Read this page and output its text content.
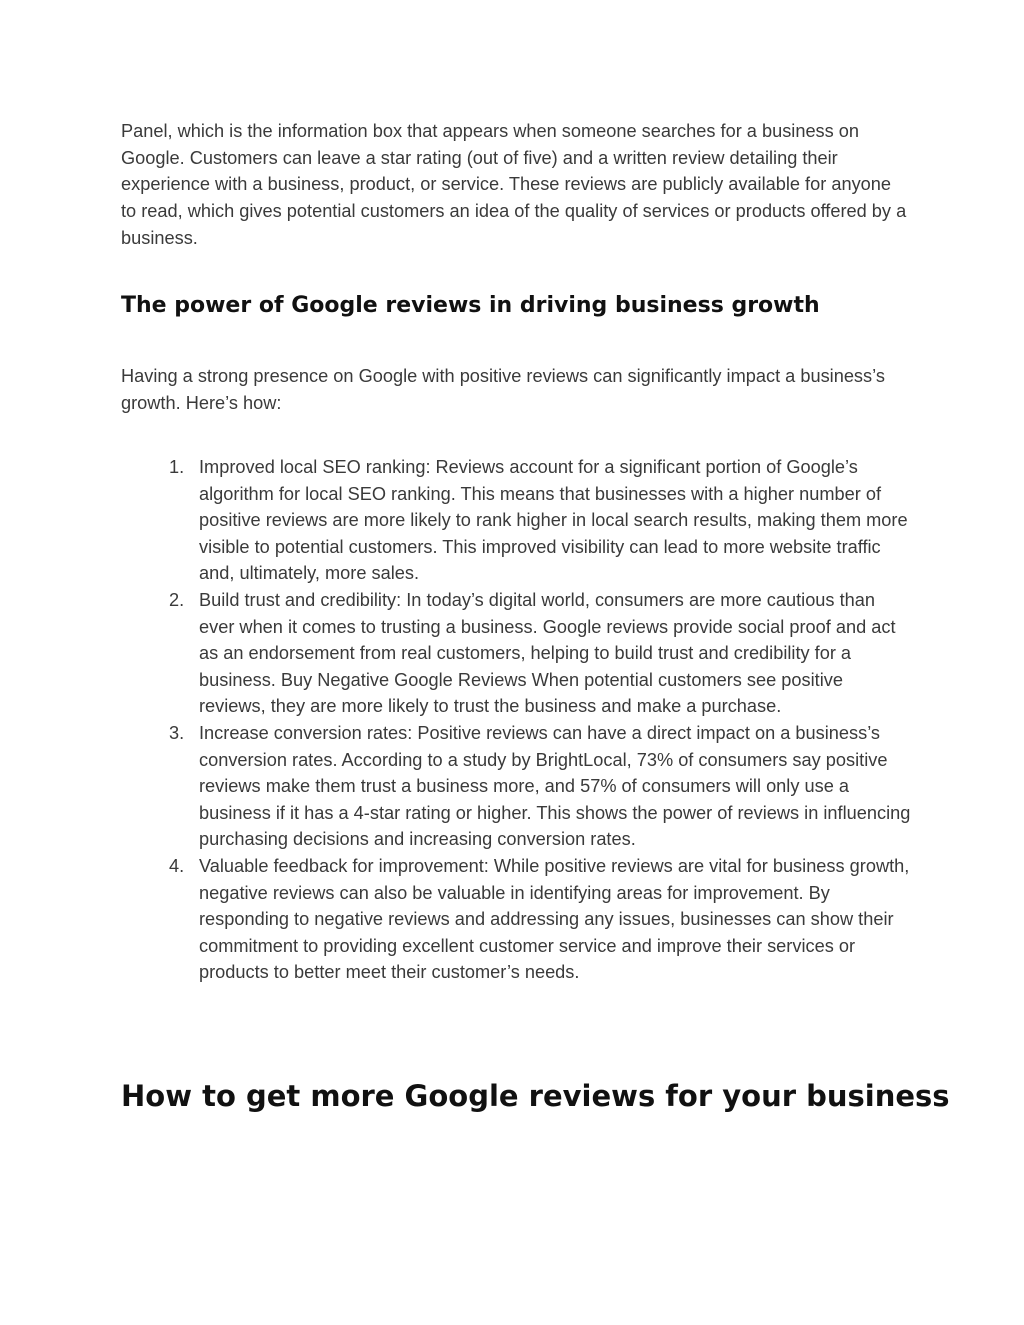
Panel, which is the information box that appears when someone searches for a business on Google. Customers can leave a star rating (out of five) and a written review detailing their experience with a business, product, or service. These reviews are publicly available for anyone to read, which gives potential customers an idea of the quality of services or products offered by a business.

The power of Google reviews in driving business growth

Having a strong presence on Google with positive reviews can significantly impact a business’s growth. Here’s how:

1. Improved local SEO ranking: Reviews account for a significant portion of Google’s algorithm for local SEO ranking. This means that businesses with a higher number of positive reviews are more likely to rank higher in local search results, making them more visible to potential customers. This improved visibility can lead to more website traffic and, ultimately, more sales.
2. Build trust and credibility: In today’s digital world, consumers are more cautious than ever when it comes to trusting a business. Google reviews provide social proof and act as an endorsement from real customers, helping to build trust and credibility for a business. Buy Negative Google Reviews When potential customers see positive reviews, they are more likely to trust the business and make a purchase.
3. Increase conversion rates: Positive reviews can have a direct impact on a business’s conversion rates. According to a study by BrightLocal, 73% of consumers say positive reviews make them trust a business more, and 57% of consumers will only use a business if it has a 4-star rating or higher. This shows the power of reviews in influencing purchasing decisions and increasing conversion rates.
4. Valuable feedback for improvement: While positive reviews are vital for business growth, negative reviews can also be valuable in identifying areas for improvement. By responding to negative reviews and addressing any issues, businesses can show their commitment to providing excellent customer service and improve their services or products to better meet their customer’s needs.
How to get more Google reviews for your business
